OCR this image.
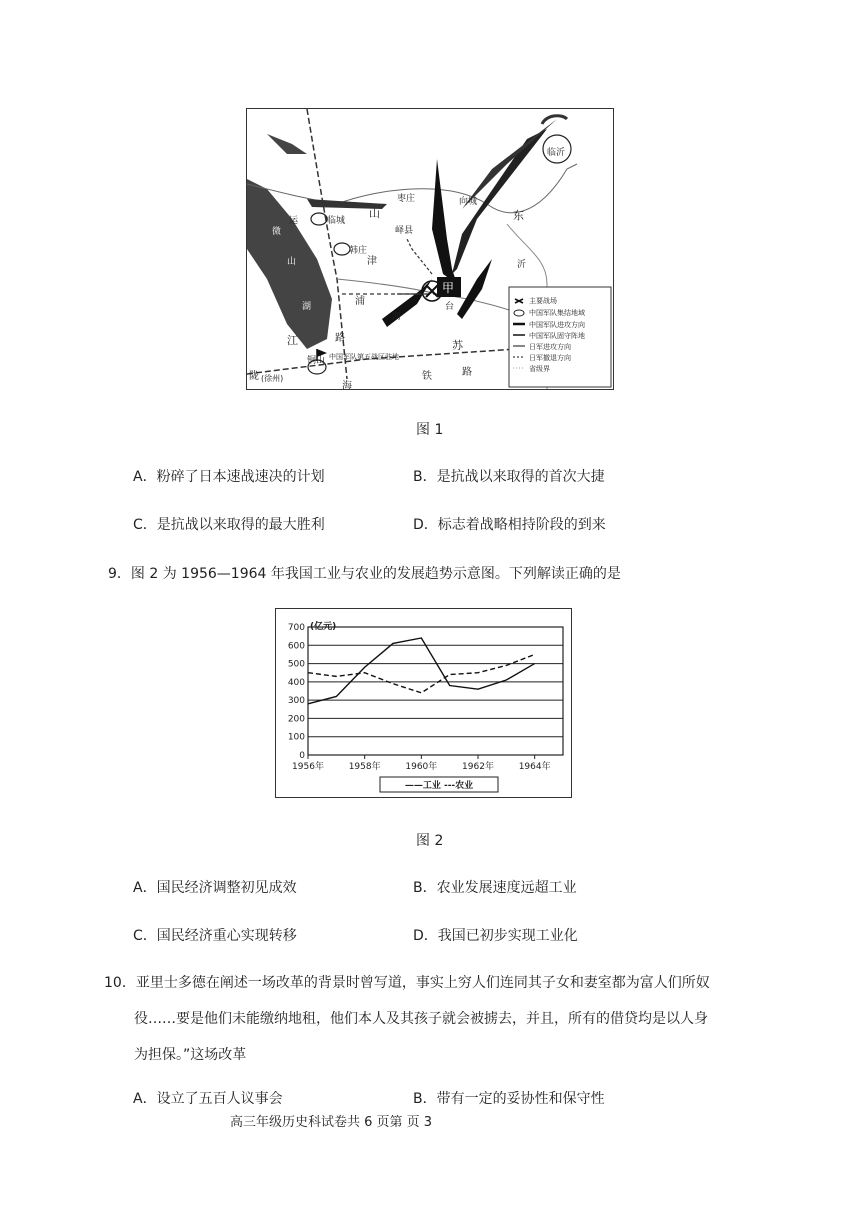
临城
枣庄
峄县
韩庄
台
向城
临沂
铜山
山	东
江	苏
津
浦
路
陇
海
铁	路
微
山
湖
运
河
沂
(徐州)
中国军队第五战区驻地
甲
主要战场
中国军队集结地域
中国军队进攻方向
中国军队固守阵地
日军进攻方向
日军撤退方向
省级界
图 1
A．粉碎了日本速战速决的计划	B．是抗战以来取得的首次大捷
C．是抗战以来取得的最大胜利	D．标志着战略相持阶段的到来
9．图 2 为 1956—1964 年我国工业与农业的发展趋势示意图。下列解读正确的是
0
100
200
300
400
500
600
700
1956年	1958年	1960年	1962年	1964年
(亿元)
——工业 ---农业
图 2
A．国民经济调整初见成效	B．农业发展速度远超工业
C．国民经济重心实现转移	D．我国已初步实现工业化
10．亚里士多德在阐述一场改革的背景时曾写道，事实上穷人们连同其子女和妻室都为富人们所奴
役……要是他们未能缴纳地租，他们本人及其孩子就会被掳去，并且，所有的借贷均是以人身
为担保。”这场改革
A．设立了五百人议事会	B．带有一定的妥协性和保守性
高三年级历史科试卷共 6 页第 页 3
